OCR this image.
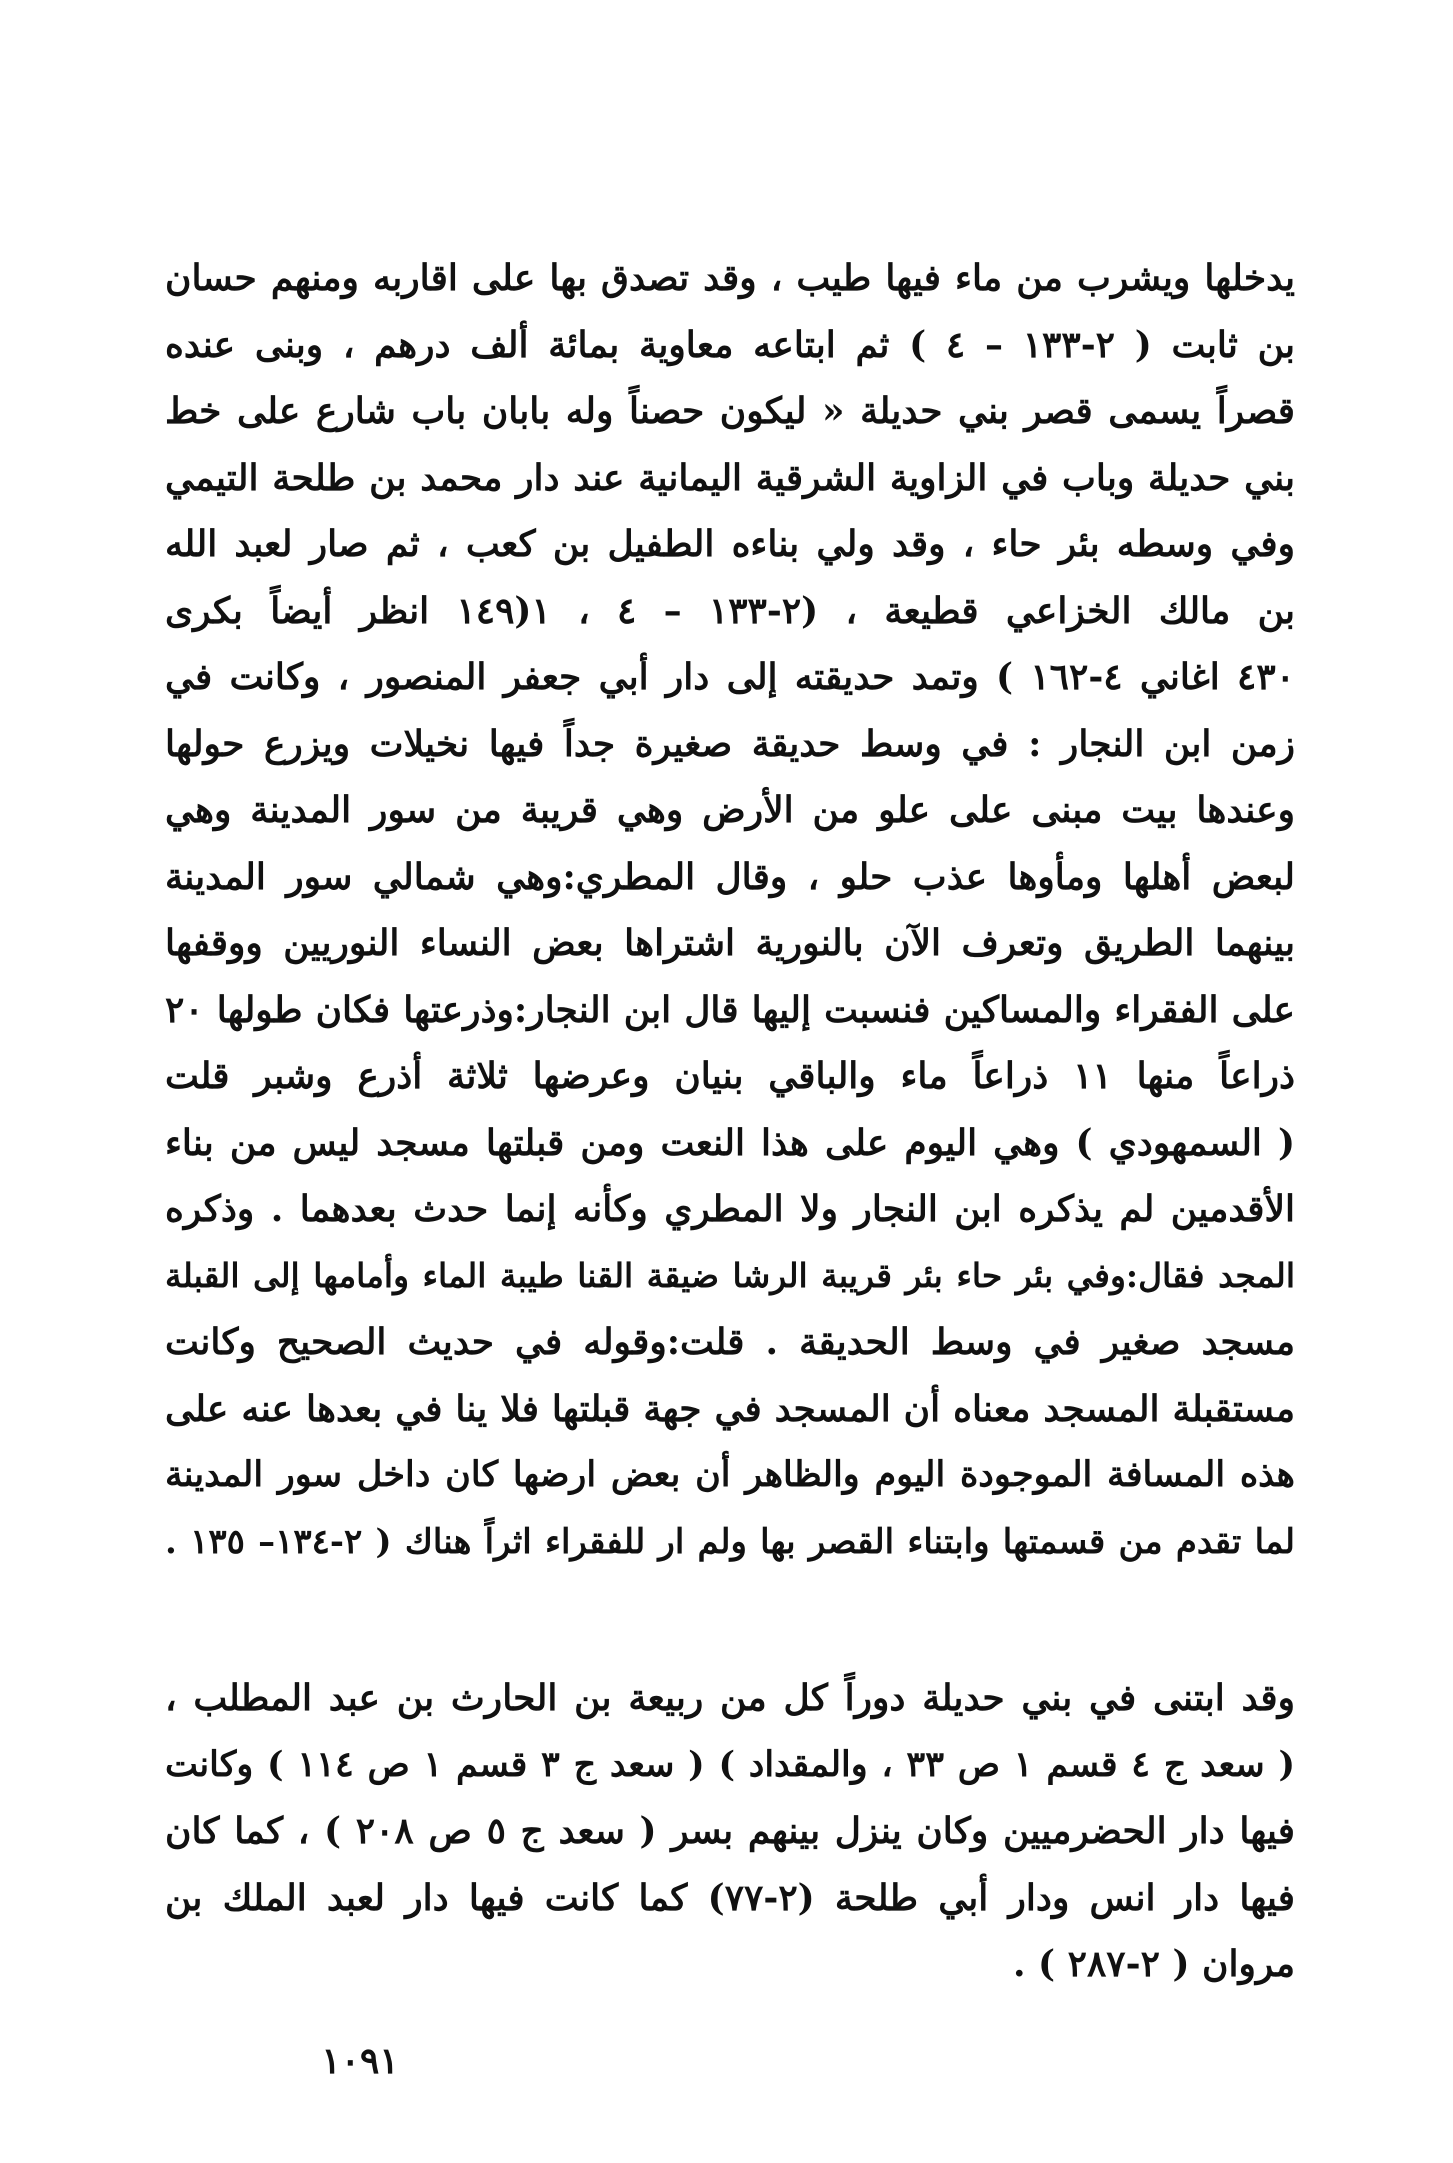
يدخلها ويشرب من ماء فيها طيب ، وقد تصدق بها على اقاربه ومنهم حسان
بن ثابت ( ٢-١٣٣ – ٤ ) ثم ابتاعه معاوية بمائة ألف درهم ، وبنى عنده
قصراً يسمى قصر بني حديلة « ليكون حصناً وله بابان باب شارع على خط
بني حديلة وباب في الزاوية الشرقية اليمانية عند دار محمد بن طلحة التيمي
وفي وسطه بئر حاء ، وقد ولي بناءه الطفيل بن كعب ، ثم صار لعبد الله
بن مالك الخزاعي قطيعة ، (٢-١٣٣ – ٤ ، ١(١٤٩ انظر أيضاً بكرى
٤٣٠ اغاني ٤-١٦٢ ) وتمد حديقته إلى دار أبي جعفر المنصور ، وكانت في
زمن ابن النجار : في وسط حديقة صغيرة جداً فيها نخيلات ويزرع حولها
وعندها بيت مبنى على علو من الأرض وهي قريبة من سور المدينة وهي
لبعض أهلها ومأوها عذب حلو ، وقال المطري:وهي شمالي سور المدينة
بينهما الطريق وتعرف الآن بالنورية اشتراها بعض النساء النوريين ووقفها
على الفقراء والمساكين فنسبت إليها قال ابن النجار:وذرعتها فكان طولها ٢٠
ذراعاً منها ١١ ذراعاً ماء والباقي بنيان وعرضها ثلاثة أذرع وشبر قلت
( السمهودي ) وهي اليوم على هذا النعت ومن قبلتها مسجد ليس من بناء
الأقدمين لم يذكره ابن النجار ولا المطري وكأنه إنما حدث بعدهما . وذكره
المجد فقال:وفي بئر حاء بئر قريبة الرشا ضيقة القنا طيبة الماء وأمامها إلى القبلة
مسجد صغير في وسط الحديقة . قلت:وقوله في حديث الصحيح وكانت
مستقبلة المسجد معناه أن المسجد في جهة قبلتها فلا ينا في بعدها عنه على
هذه المسافة الموجودة اليوم والظاهر أن بعض ارضها كان داخل سور المدينة
لما تقدم من قسمتها وابتناء القصر بها ولم ار للفقراء اثراً هناك ( ٢-١٣٤– ١٣٥ .
وقد ابتنى في بني حديلة دوراً كل من ربيعة بن الحارث بن عبد المطلب ،
( سعد ج ٤ قسم ١ ص ٣٣ ، والمقداد ) ( سعد ج ٣ قسم ١ ص ١١٤ ) وكانت
فيها دار الحضرميين وكان ينزل بينهم بسر ( سعد ج ٥ ص ٢٠٨ ) ، كما كان
فيها دار انس ودار أبي طلحة (٢-٧٧) كما كانت فيها دار لعبد الملك بن
مروان ( ٢-٢٨٧ ) .
١٠٩١
